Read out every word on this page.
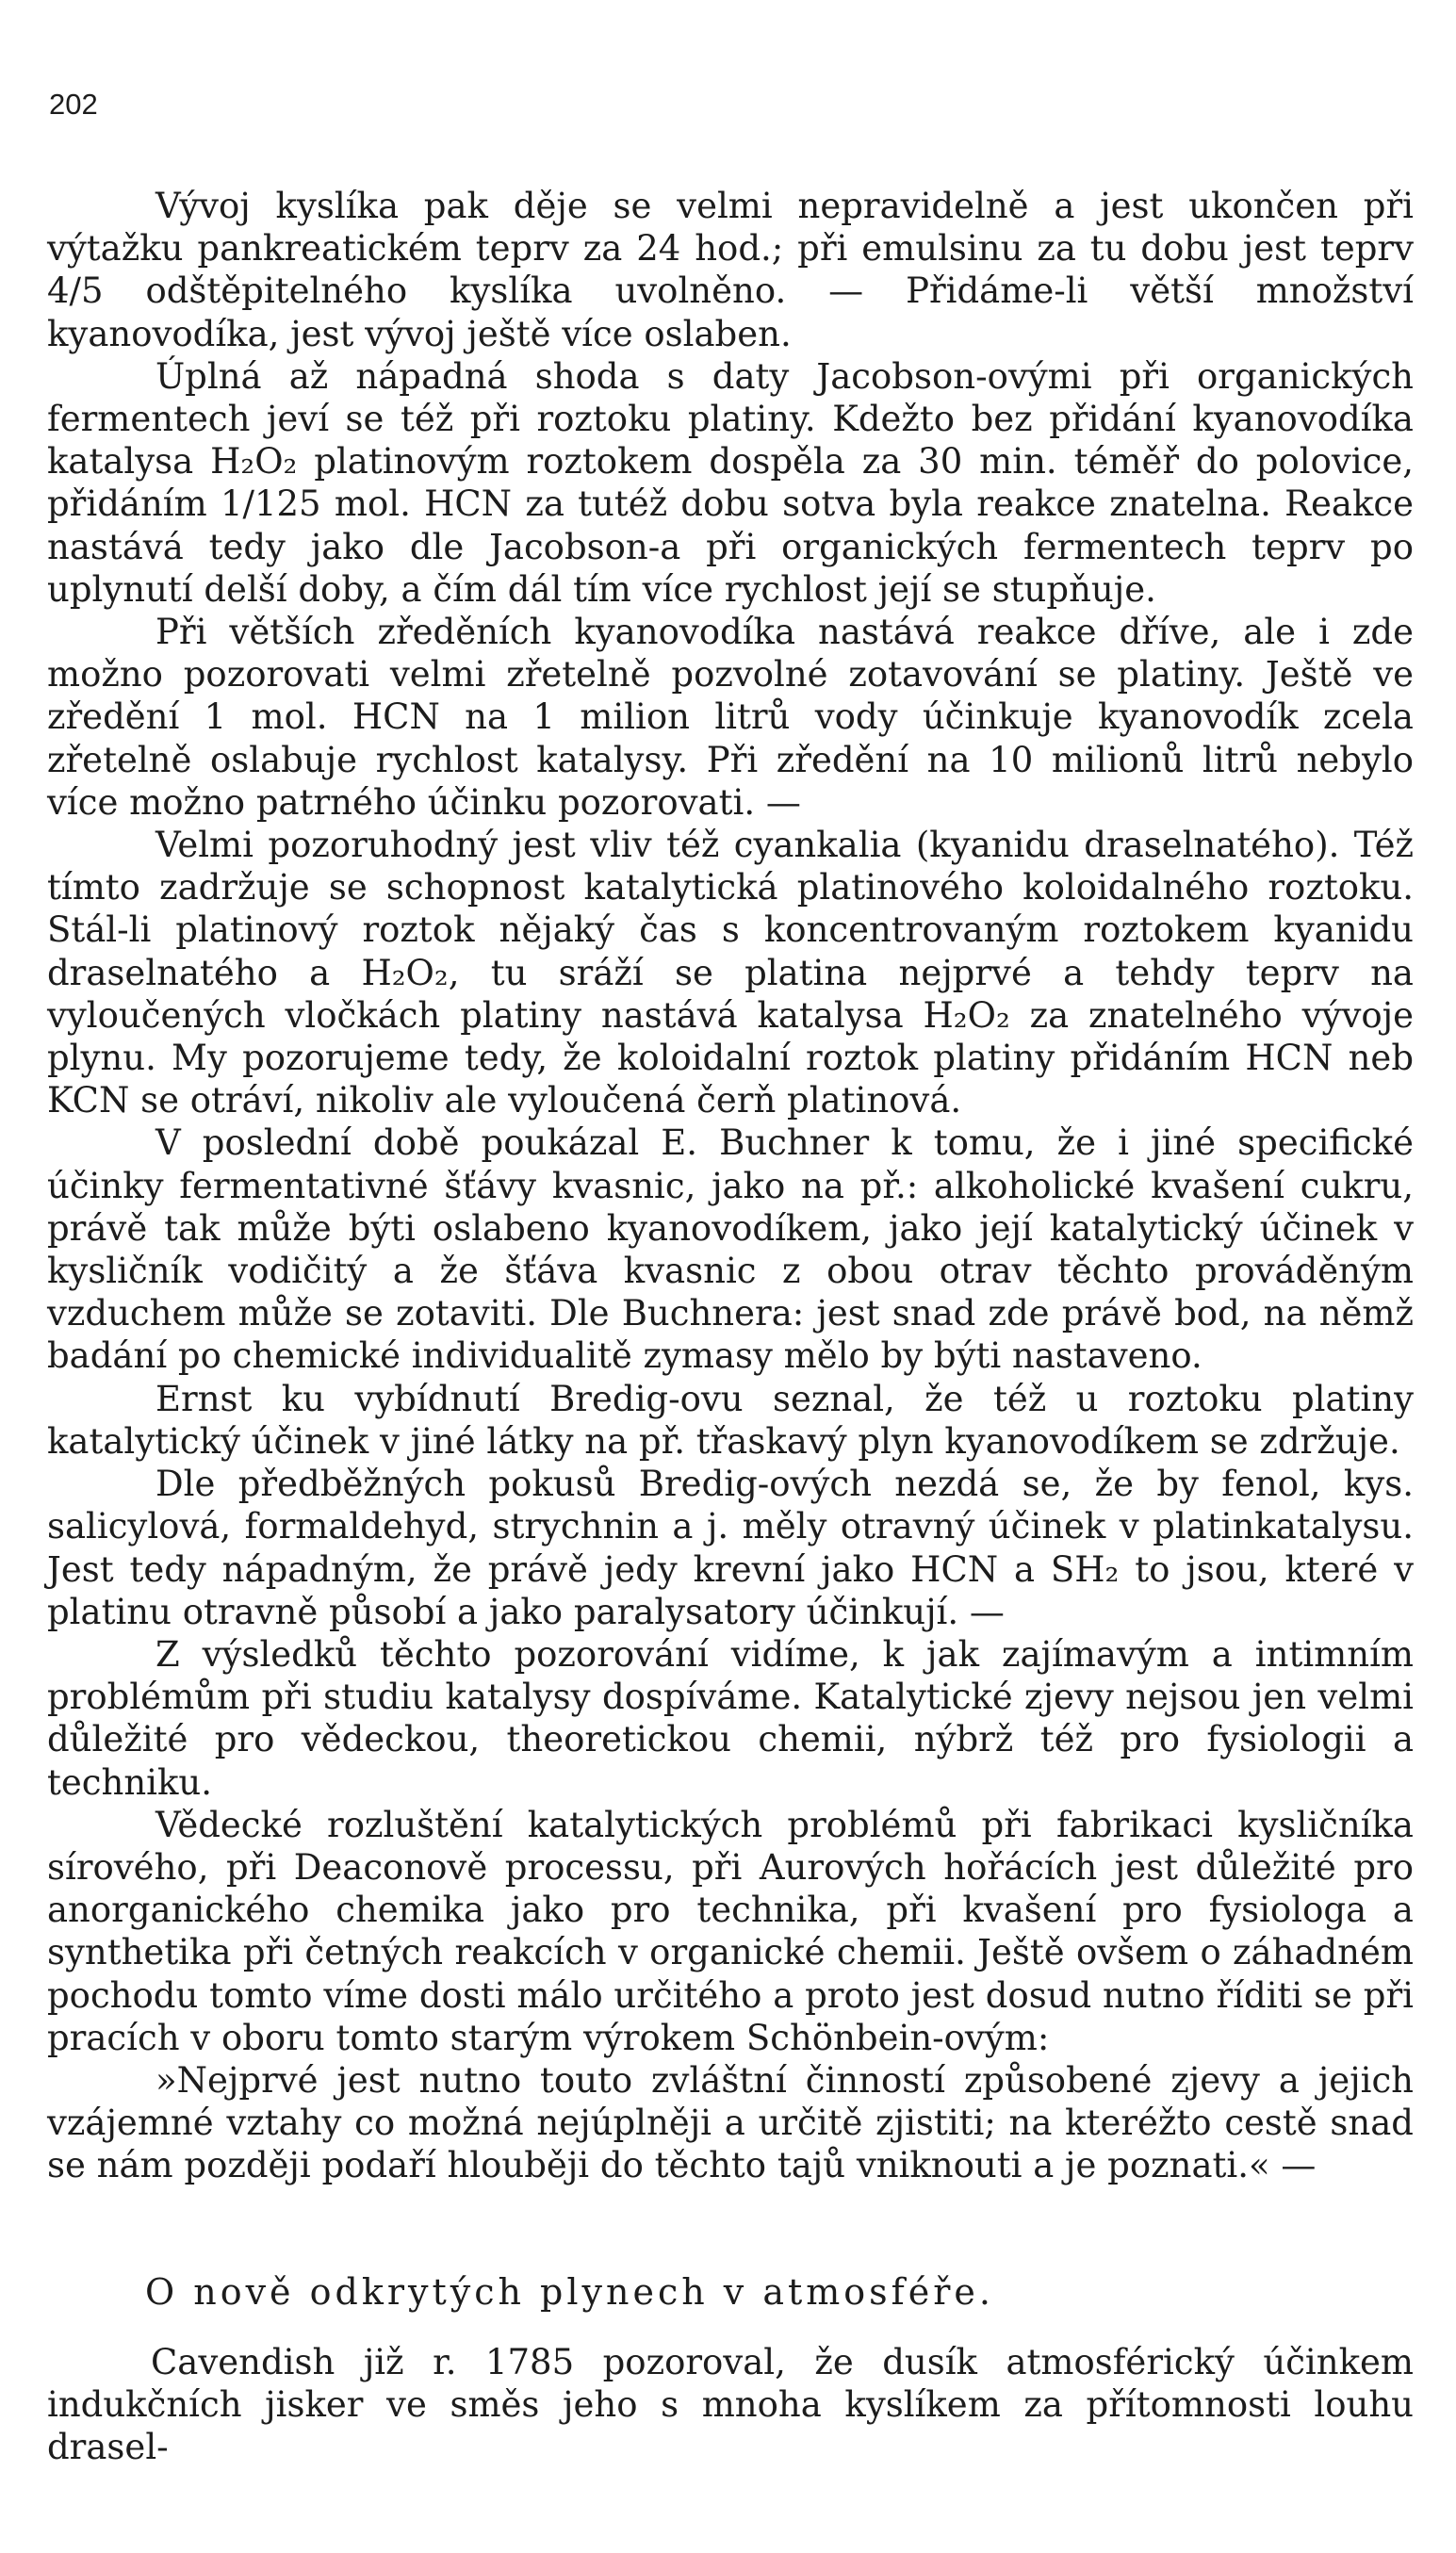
202

Vývoj kyslíka pak děje se velmi nepravidelně a jest ukončen při výtažku pankreatickém teprv za 24 hod.; při emulsinu za tu dobu jest teprv 4/5 odštěpitelného kyslíka uvolněno. — Přidáme-li větší množství kyanovodíka, jest vývoj ještě více oslaben.

Úplná až nápadná shoda s daty Jacobson-ovými při organických fermentech jeví se též při roztoku platiny. Kdežto bez přidání kyanovodíka katalysa H₂O₂ platinovým roztokem dospěla za 30 min. téměř do polovice, přidáním 1/125 mol. HCN za tutéž dobu sotva byla reakce znatelna. Reakce nastává tedy jako dle Jacobson-a při organických fermentech teprv po uplynutí delší doby, a čím dál tím více rychlost její se stupňuje.

Při větších zředěních kyanovodíka nastává reakce dříve, ale i zde možno pozorovati velmi zřetelně pozvolné zotavování se platiny. Ještě ve zředění 1 mol. HCN na 1 milion litrů vody účinkuje kyanovodík zcela zřetelně oslabuje rychlost katalysy. Při zředění na 10 milionů litrů nebylo více možno patrného účinku pozorovati. —

Velmi pozoruhodný jest vliv též cyankalia (kyanidu draselnatého). Též tímto zadržuje se schopnost katalytická platinového koloidalného roztoku. Stál-li platinový roztok nějaký čas s koncentrovaným roztokem kyanidu draselnatého a H₂O₂, tu sráží se platina nejprvé a tehdy teprv na vyloučených vločkách platiny nastává katalysa H₂O₂ za znatelného vývoje plynu. My pozorujeme tedy, že koloidalní roztok platiny přidáním HCN neb KCN se otráví, nikoliv ale vyloučená čerň platinová.

V poslední době poukázal E. Buchner k tomu, že i jiné specifické účinky fermentativné šťávy kvasnic, jako na př.: alkoholické kvašení cukru, právě tak může býti oslabeno kyanovodíkem, jako její katalytický účinek v kysličník vodičitý a že šťáva kvasnic z obou otrav těchto prováděným vzduchem může se zotaviti. Dle Buchnera: jest snad zde právě bod, na němž badání po chemické individualitě zymasy mělo by býti nastaveno.

Ernst ku vybídnutí Bredig-ovu seznal, že též u roztoku platiny katalytický účinek v jiné látky na př. třaskavý plyn kyanovodíkem se zdržuje.

Dle předběžných pokusů Bredig-ových nezdá se, že by fenol, kys. salicylová, formaldehyd, strychnin a j. měly otravný účinek v platinkatalysu. Jest tedy nápadným, že právě jedy krevní jako HCN a SH₂ to jsou, které v platinu otravně působí a jako paralysatory účinkují. —

Z výsledků těchto pozorování vidíme, k jak zajímavým a intimním problémům při studiu katalysy dospíváme. Katalytické zjevy nejsou jen velmi důležité pro vědeckou, theoretickou chemii, nýbrž též pro fysiologii a techniku.

Vědecké rozluštění katalytických problémů při fabrikaci kysličníka sírového, při Deaconově processu, při Aurových hořácích jest důležité pro anorganického chemika jako pro technika, při kvašení pro fysiologa a synthetika při četných reakcích v organické chemii. Ještě ovšem o záhadném pochodu tomto víme dosti málo určitého a proto jest dosud nutno říditi se při pracích v oboru tomto starým výrokem Schönbein-ovým:

»Nejprvé jest nutno touto zvláštní činností způsobené zjevy a jejich vzájemné vztahy co možná nejúplněji a určitě zjistiti; na kteréžto cestě snad se nám později podaří hlouběji do těchto tajů vniknouti a je poznati.« —

O nově odkrytých plynech v atmosféře.

Cavendish již r. 1785 pozoroval, že dusík atmosférický účinkem indukčních jisker ve směs jeho s mnoha kyslíkem za přítomnosti louhu drasel-
